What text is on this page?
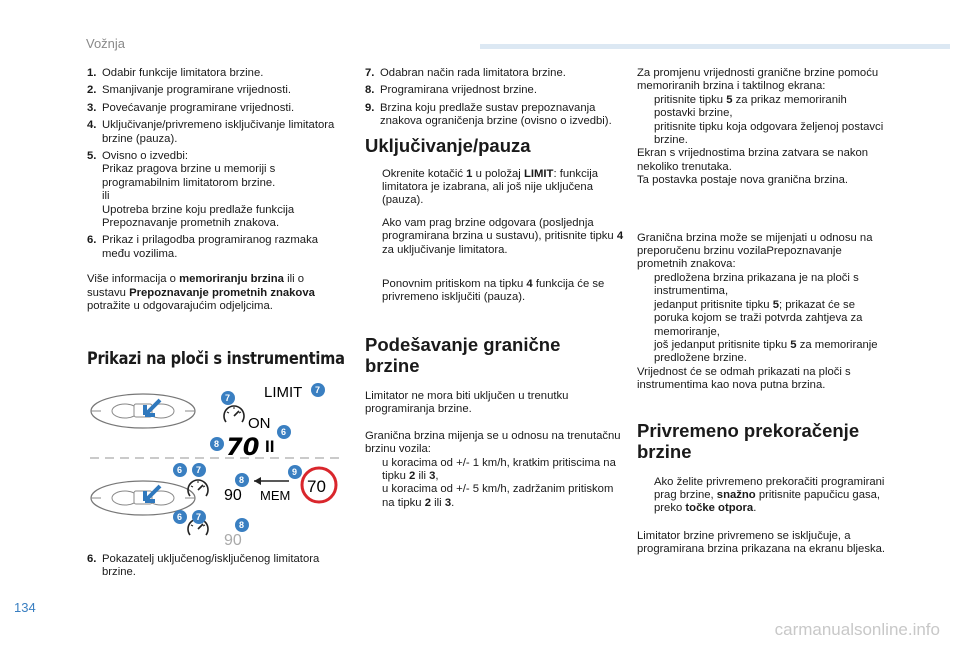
Vožnja
1. Odabir funkcije limitatora brzine.
2. Smanjivanje programirane vrijednosti.
3. Povećavanje programirane vrijednosti.
4. Uključivanje/privremeno isključivanje limitatora brzine (pauza).
5. Ovisno o izvedbi:
Prikaz pragova brzine u memoriji s programabilnim limitatorom brzine.
ili
Upotreba brzine koju predlaže funkcija Prepoznavanje prometnih znakova.
6. Prikaz i prilagodba programiranog razmaka među vozilima.

Više informacija o memoriranju brzina ili o sustavu Prepoznavanje prometnih znakova potražite u odgovarajućim odjeljcima.

Prikazi na ploči s instrumentima
LIMIT
ON
70 II
90 MEM 70
90
7
7
6
8
6 7
8
9
6 7
8
6. Pokazatelj uključenog/isključenog limitatora brzine.
7. Odabran način rada limitatora brzine.
8. Programirana vrijednost brzine.
9. Brzina koju predlaže sustav prepoznavanja znakova ograničenja brzine (ovisno o izvedbi).
Uključivanje/pauza
Okrenite kotačić 1 u položaj LIMIT: funkcija limitatora je izabrana, ali još nije uključena (pauza).
Ako vam prag brzine odgovara (posljednja programirana brzina u sustavu), pritisnite tipku 4 za uključivanje limitatora.
Ponovnim pritiskom na tipku 4 funkcija će se privremeno isključiti (pauza).
Podešavanje granične brzine

Limitator ne mora biti uključen u trenutku programiranja brzine.

Granična brzina mijenja se u odnosu na trenutačnu brzinu vozila:

u koracima od +/- 1 km/h, kratkim pritiscima na tipku 2 ili 3,
u koracima od +/- 5 km/h, zadržanim pritiskom na tipku 2 ili 3.

Za promjenu vrijednosti granične brzine pomoću memoriranih brzina i taktilnog ekrana:

pritisnite tipku 5 za prikaz memoriranih postavki brzine,
pritisnite tipku koja odgovara željenoj postavci brzine.

Ekran s vrijednostima brzina zatvara se nakon nekoliko trenutaka.
Ta postavka postaje nova granična brzina.

Granična brzina može se mijenjati u odnosu na preporučenu brzinu vozilaPrepoznavanje prometnih znakova:

predložena brzina prikazana je na ploči s instrumentima,
jedanput pritisnite tipku 5; prikazat će se poruka kojom se traži potvrda zahtjeva za memoriranje,
još jedanput pritisnite tipku 5 za memoriranje predložene brzine.

Vrijednost će se odmah prikazati na ploči s instrumentima kao nova putna brzina.

Privremeno prekoračenje brzine
Ako želite privremeno prekoračiti programirani prag brzine, snažno pritisnite papučicu gasa, preko točke otpora.

Limitator brzine privremeno se isključuje, a programirana brzina prikazana na ekranu bljeska.

134
carmanualsonline.info
